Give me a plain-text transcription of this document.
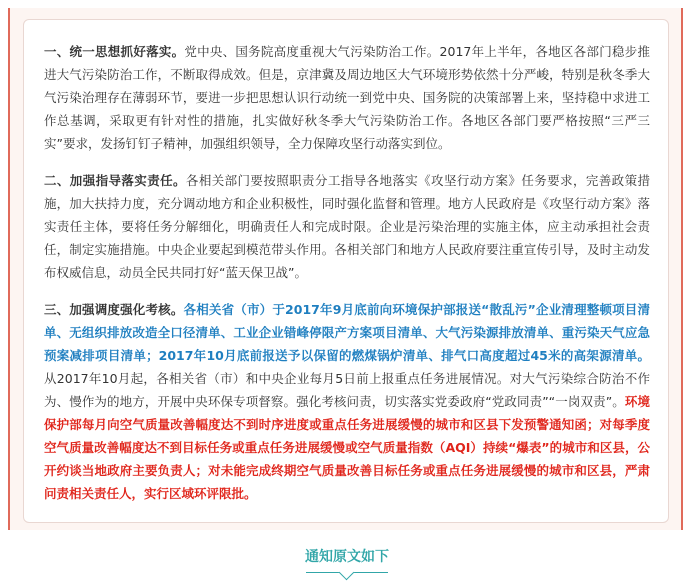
一、统一思想抓好落实。党中央、国务院高度重视大气污染防治工作。2017年上半年，各地区各部门稳步推进大气污染防治工作，不断取得成效。但是，京津冀及周边地区大气环境形势依然十分严峻，特别是秋冬季大气污染治理存在薄弱环节，要进一步把思想认识行动统一到党中央、国务院的决策部署上来，坚持稳中求进工作总基调，采取更有针对性的措施，扎实做好秋冬季大气污染防治工作。各地区各部门要严格按照“三严三实”要求，发扬钉钉子精神，加强组织领导，全力保障攻坚行动落实到位。

二、加强指导落实责任。各相关部门要按照职责分工指导各地落实《攻坚行动方案》任务要求，完善政策措施，加大扶持力度，充分调动地方和企业积极性，同时强化监督和管理。地方人民政府是《攻坚行动方案》落实责任主体，要将任务分解细化，明确责任人和完成时限。企业是污染治理的实施主体，应主动承担社会责任，制定实施措施。中央企业要起到模范带头作用。各相关部门和地方人民政府要注重宣传引导，及时主动发布权威信息，动员全民共同打好“蓝天保卫战”。

三、加强调度强化考核。各相关省（市）于2017年9月底前向环境保护部报送“散乱污”企业清理整顿项目清单、无组织排放改造全口径清单、工业企业错峰停限产方案项目清单、大气污染源排放清单、重污染天气应急预案减排项目清单；2017年10月底前报送予以保留的燃煤锅炉清单、排气口高度超过45米的高架源清单。从2017年10月起，各相关省（市）和中央企业每月5日前上报重点任务进展情况。对大气污染综合防治不作为、慢作为的地方，开展中央环保专项督察。强化考核问责，切实落实党委政府“党政同责”“一岗双责”。环境保护部每月向空气质量改善幅度达不到时序进度或重点任务进展缓慢的城市和区县下发预警通知函；对每季度空气质量改善幅度达不到目标任务或重点任务进展缓慢或空气质量指数（AQI）持续“爆表”的城市和区县，公开约谈当地政府主要负责人；对未能完成终期空气质量改善目标任务或重点任务进展缓慢的城市和区县，严肃问责相关责任人，实行区域环评限批。

通知原文如下
